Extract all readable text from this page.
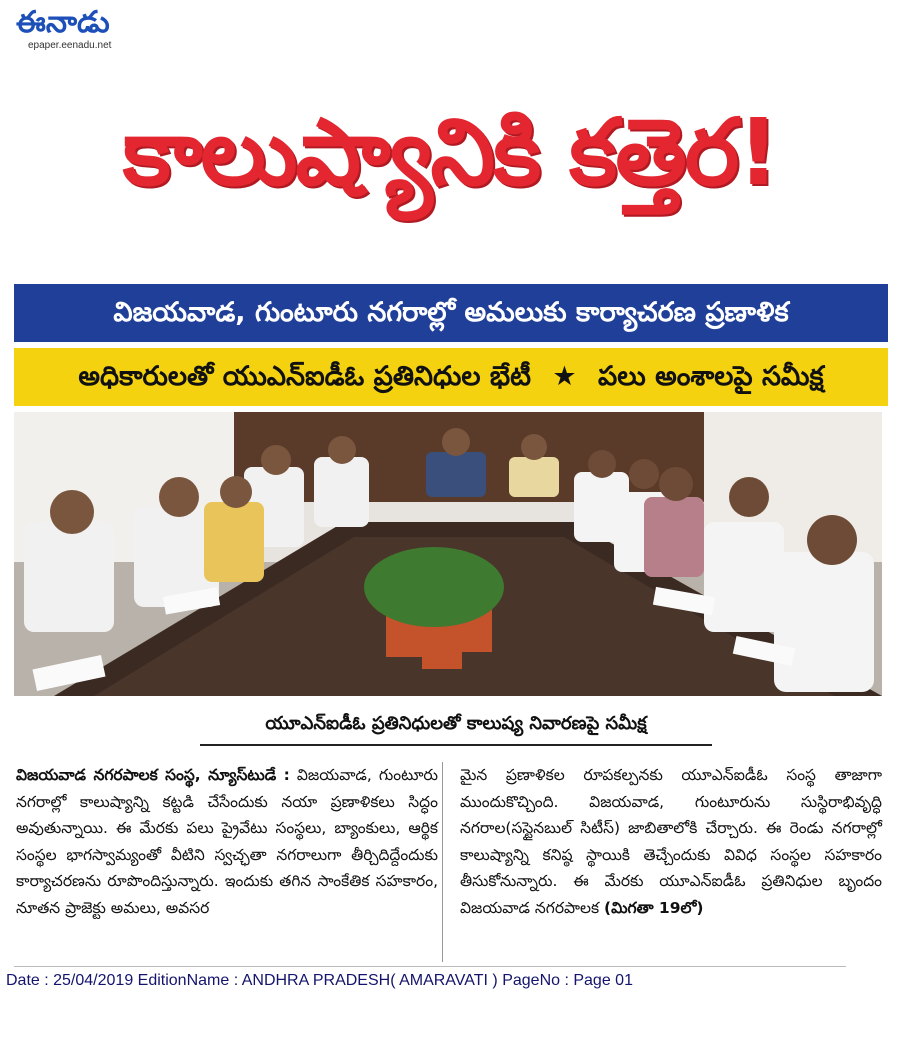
ఈనాడు
epaper.eenadu.net
కాలుష్యానికి కత్తెర!
విజయవాడ, గుంటూరు నగరాల్లో అమలుకు కార్యాచరణ ప్రణాళిక
అధికారులతో యుఎన్‌ఐడీఓ ప్రతినిధుల భేటీ ★ పలు అంశాలపై సమీక్ష
యూఎన్‌ఐడీఓ ప్రతినిధులతో కాలుష్య నివారణపై సమీక్ష
విజయవాడ నగరపాలక సంస్థ, న్యూస్‌టుడే : విజయవాడ, గుంటూరు నగరాల్లో కాలుష్యాన్ని కట్టడి చేసేందుకు నయా ప్రణాళికలు సిద్ధం అవుతున్నాయి. ఈ మేరకు పలు ప్రైవేటు సంస్థలు, బ్యాంకులు, ఆర్థిక సంస్థల భాగస్వామ్యంతో వీటిని స్వచ్ఛతా నగరాలుగా తీర్చిదిద్దేందుకు కార్యాచరణను రూపొందిస్తున్నారు. ఇందుకు తగిన సాంకేతిక సహకారం, నూతన ప్రాజెక్టు అమలు, అవసర
మైన ప్రణాళికల రూపకల్పనకు యూఎన్‌ఐడీఓ సంస్థ తాజాగా ముందుకొచ్చింది. విజయవాడ, గుంటూరును సుస్థిరాభివృద్ధి నగరాల(సస్టైనబుల్ సిటీస్) జాబితాలోకి చేర్చారు. ఈ రెండు నగరాల్లో కాలుష్యాన్ని కనిష్ఠ స్థాయికి తెచ్చేందుకు వివిధ సంస్థల సహకారం తీసుకోనున్నారు. ఈ మేరకు యూఎన్‌ఐడీఓ ప్రతినిధుల బృందం విజయవాడ నగరపాలక (మిగతా 19లో)
Date : 25/04/2019 EditionName : ANDHRA PRADESH( AMARAVATI ) PageNo : Page 01
